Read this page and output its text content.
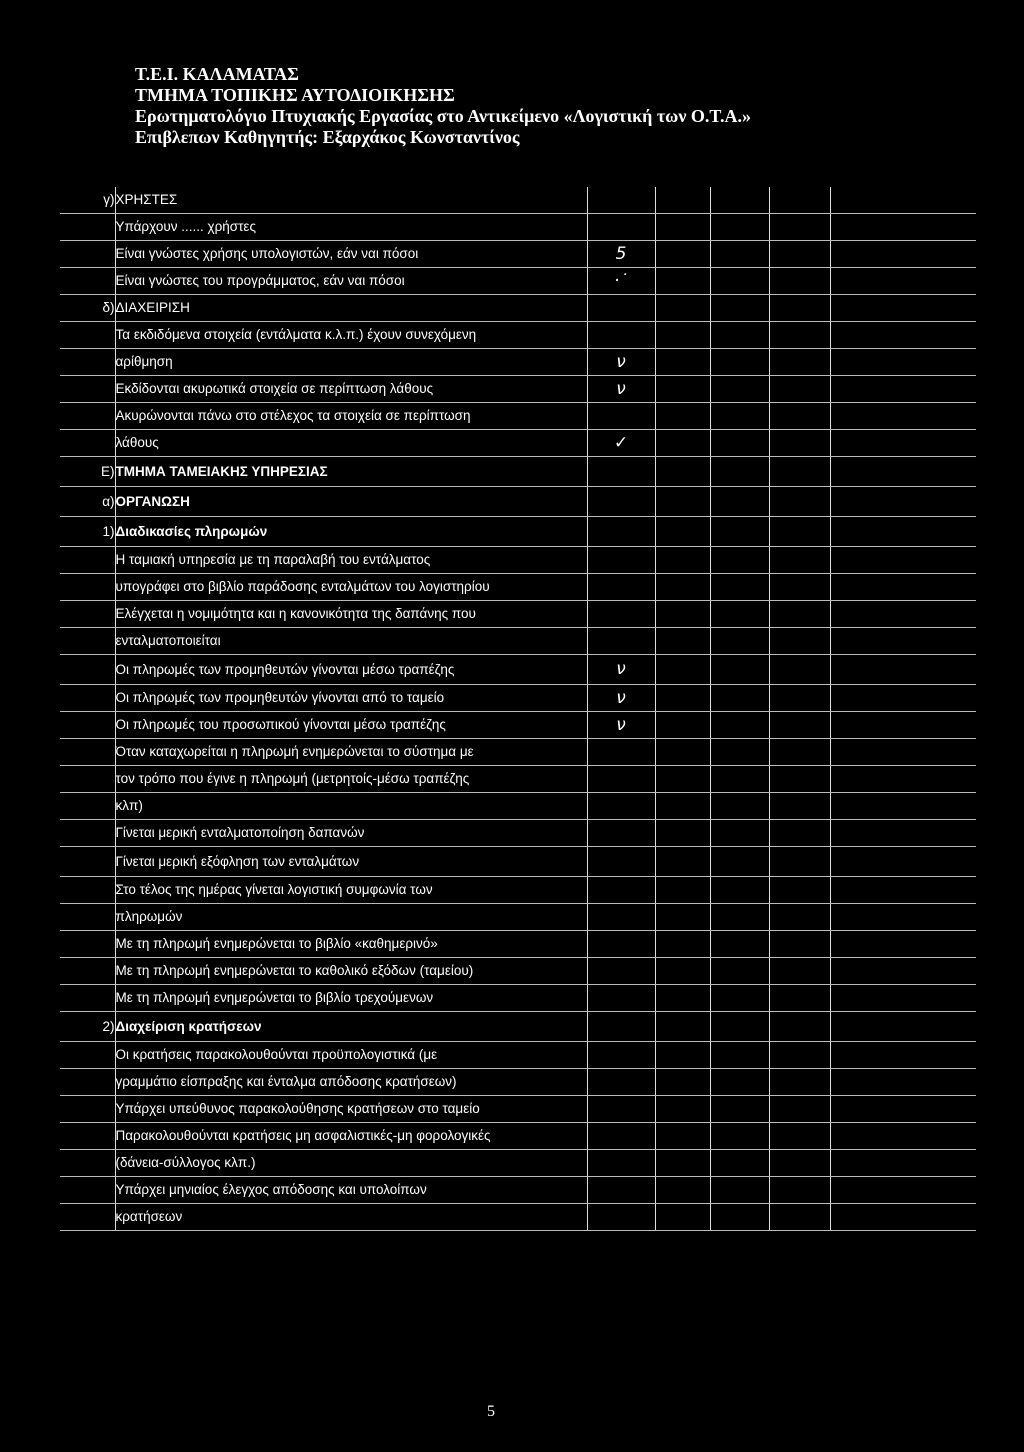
Τ.Ε.Ι. ΚΑΛΑΜΑΤΑΣ
ΤΜΗΜΑ ΤΟΠΙΚΗΣ ΑΥΤΟΔΙΟΙΚΗΣΗΣ
Ερωτηματολόγιο Πτυχιακής Εργασίας στο Αντικείμενο «Λογιστική των Ο.Τ.Α.»
Επιβλεπων Καθηγητής: Εξαρχάκος Κωνσταντίνος
γ)	ΧΡΗΣΤΕΣ					
	Υπάρχουν ...... χρήστες					
	Είναι γνώστες χρήσης υπολογιστών, εάν ναι πόσοι	5				
	Είναι γνώστες του προγράμματος, εάν ναι πόσοι	·˙				
δ)	ΔΙΑΧΕΙΡΙΣΗ					
	Τα εκδιδόμενα στοιχεία (εντάλματα κ.λ.π.) έχουν συνεχόμενη					
	αρίθμηση	ν				
	Εκδίδονται ακυρωτικά στοιχεία σε περίπτωση λάθους	ν				
	Ακυρώνονται πάνω στο στέλεχος τα στοιχεία σε περίπτωση					
	λάθους	✓				
Ε)	ΤΜΗΜΑ ΤΑΜΕΙΑΚΗΣ ΥΠΗΡΕΣΙΑΣ					
α)	ΟΡΓΑΝΩΣΗ					
1)	Διαδικασίες πληρωμών					
	Η ταμιακή υπηρεσία με τη παραλαβή του εντάλματος					
	υπογράφει στο βιβλίο παράδοσης ενταλμάτων του λογιστηρίου					
	Ελέγχεται η νομιμότητα και η κανονικότητα της δαπάνης που					
	ενταλματοποιείται					
	Οι πληρωμές των προμηθευτών γίνονται μέσω τραπέζης	ν				
	Οι πληρωμές των προμηθευτών γίνονται από το ταμείο	ν				
	Οι πληρωμές του προσωπικού γίνονται μέσω τραπέζης	ν				
	Όταν καταχωρείται η πληρωμή ενημερώνεται το σύστημα με					
	τον τρόπο που έγινε η πληρωμή (μετρητοίς-μέσω τραπέζης					
	κλπ)					
	Γίνεται μερική ενταλματοποίηση δαπανών					
	Γίνεται μερική εξόφληση των ενταλμάτων					
	Στο τέλος της ημέρας γίνεται λογιστική συμφωνία των					
	πληρωμών					
	Με τη πληρωμή ενημερώνεται το βιβλίο «καθημερινό»					
	Με τη πληρωμή ενημερώνεται το καθολικό εξόδων (ταμείου)					
	Με τη πληρωμή ενημερώνεται το βιβλίο τρεχούμενων					
2)	Διαχείριση κρατήσεων					
	Οι κρατήσεις παρακολουθούνται προϋπολογιστικά (με					
	γραμμάτιο είσπραξης και ένταλμα απόδοσης κρατήσεων)					
	Υπάρχει υπεύθυνος παρακολούθησης κρατήσεων στο ταμείο					
	Παρακολουθούνται κρατήσεις μη ασφαλιστικές-μη φορολογικές					
	(δάνεια-σύλλογος κλπ.)					
	Υπάρχει μηνιαίος έλεγχος απόδοσης και υπολοίπων					
	κρατήσεων					
5
